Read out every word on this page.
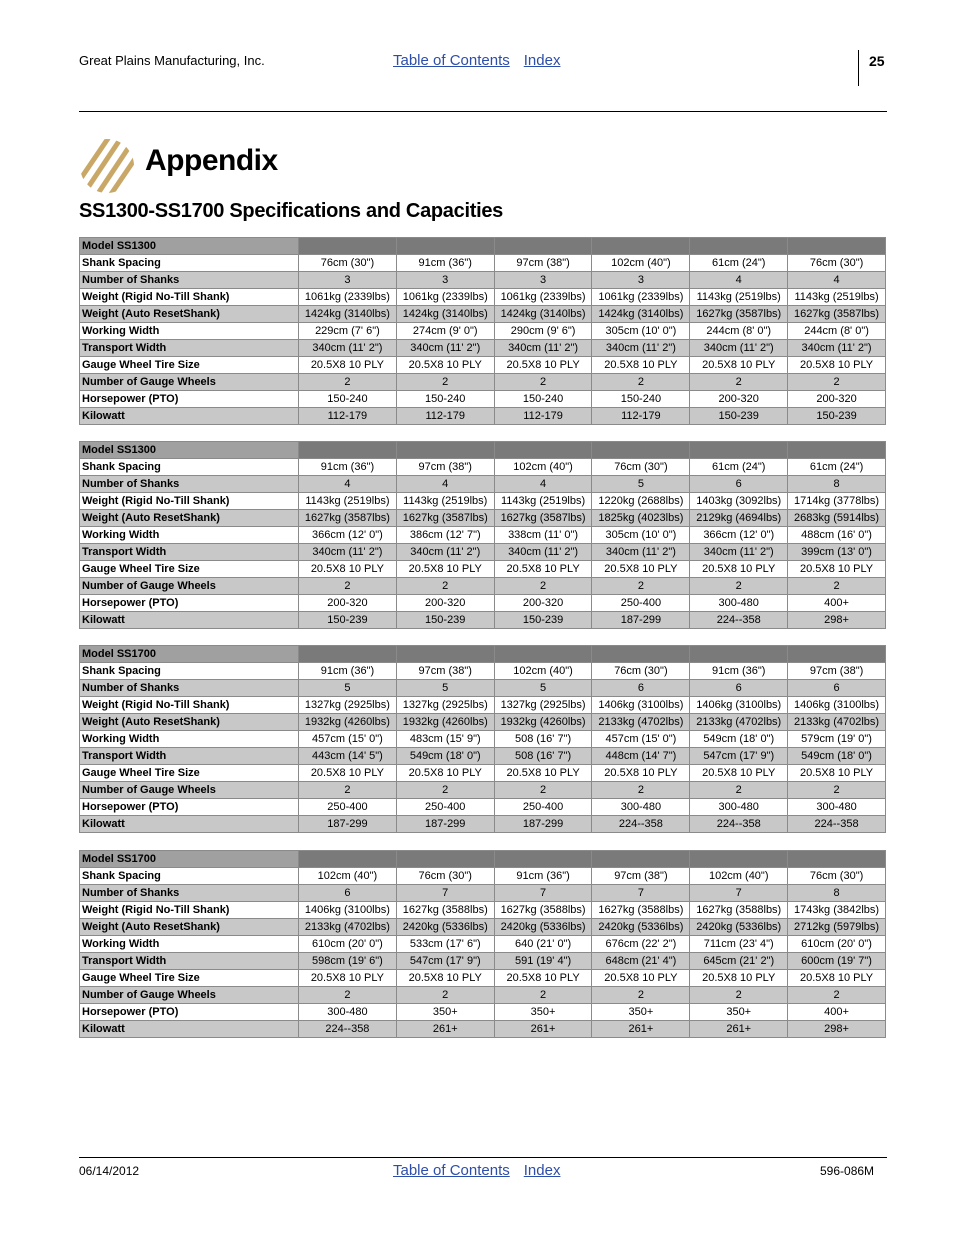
Great Plains Manufacturing, Inc.	Table of Contents Index	25
Appendix
SS1300-SS1700 Specifications and Capacities
Model SS1300						
Shank Spacing	76cm (30")	91cm (36")	97cm (38")	102cm (40")	61cm (24")	76cm (30")
Number of Shanks	3	3	3	3	4	4
Weight (Rigid No-Till Shank)	1061kg (2339lbs)	1061kg (2339lbs)	1061kg (2339lbs)	1061kg (2339lbs)	1143kg (2519lbs)	1143kg (2519lbs)
Weight (Auto ResetShank)	1424kg (3140lbs)	1424kg (3140lbs)	1424kg (3140lbs)	1424kg (3140lbs)	1627kg (3587lbs)	1627kg (3587lbs)
Working Width	229cm (7' 6")	274cm (9' 0")	290cm (9' 6")	305cm (10' 0")	244cm (8' 0")	244cm (8' 0")
Transport Width	340cm (11' 2")	340cm (11' 2")	340cm (11' 2")	340cm (11' 2")	340cm (11' 2")	340cm (11' 2")
Gauge Wheel Tire Size	20.5X8 10 PLY	20.5X8 10 PLY	20.5X8 10 PLY	20.5X8 10 PLY	20.5X8 10 PLY	20.5X8 10 PLY
Number of Gauge Wheels	2	2	2	2	2	2
Horsepower (PTO)	150-240	150-240	150-240	150-240	200-320	200-320
Kilowatt	112-179	112-179	112-179	112-179	150-239	150-239
Model SS1300						
Shank Spacing	91cm (36")	97cm (38")	102cm (40")	76cm (30")	61cm (24")	61cm (24")
Number of Shanks	4	4	4	5	6	8
Weight (Rigid No-Till Shank)	1143kg (2519lbs)	1143kg (2519lbs)	1143kg (2519lbs)	1220kg (2688lbs)	1403kg (3092lbs)	1714kg (3778lbs)
Weight (Auto ResetShank)	1627kg (3587lbs)	1627kg (3587lbs)	1627kg (3587lbs)	1825kg (4023lbs)	2129kg (4694lbs)	2683kg (5914lbs)
Working Width	366cm (12' 0")	386cm (12' 7")	338cm (11' 0")	305cm (10' 0")	366cm (12' 0")	488cm (16' 0")
Transport Width	340cm (11' 2")	340cm (11' 2")	340cm (11' 2")	340cm (11' 2")	340cm (11' 2")	399cm (13' 0")
Gauge Wheel Tire Size	20.5X8 10 PLY	20.5X8 10 PLY	20.5X8 10 PLY	20.5X8 10 PLY	20.5X8 10 PLY	20.5X8 10 PLY
Number of Gauge Wheels	2	2	2	2	2	2
Horsepower (PTO)	200-320	200-320	200-320	250-400	300-480	400+
Kilowatt	150-239	150-239	150-239	187-299	224--358	298+
Model SS1700						
Shank Spacing	91cm (36")	97cm (38")	102cm (40")	76cm (30")	91cm (36")	97cm (38")
Number of Shanks	5	5	5	6	6	6
Weight (Rigid No-Till Shank)	1327kg (2925lbs)	1327kg (2925lbs)	1327kg (2925lbs)	1406kg (3100lbs)	1406kg (3100lbs)	1406kg (3100lbs)
Weight (Auto ResetShank)	1932kg (4260lbs)	1932kg (4260lbs)	1932kg (4260lbs)	2133kg (4702lbs)	2133kg (4702lbs)	2133kg (4702lbs)
Working Width	457cm (15' 0")	483cm (15' 9")	508 (16' 7")	457cm (15' 0")	549cm (18' 0")	579cm (19' 0")
Transport Width	443cm (14' 5")	549cm (18' 0")	508 (16' 7")	448cm (14' 7")	547cm (17' 9")	549cm (18' 0")
Gauge Wheel Tire Size	20.5X8 10 PLY	20.5X8 10 PLY	20.5X8 10 PLY	20.5X8 10 PLY	20.5X8 10 PLY	20.5X8 10 PLY
Number of Gauge Wheels	2	2	2	2	2	2
Horsepower (PTO)	250-400	250-400	250-400	300-480	300-480	300-480
Kilowatt	187-299	187-299	187-299	224--358	224--358	224--358
Model SS1700						
Shank Spacing	102cm (40")	76cm (30")	91cm (36")	97cm (38")	102cm (40")	76cm (30")
Number of Shanks	6	7	7	7	7	8
Weight (Rigid No-Till Shank)	1406kg (3100lbs)	1627kg (3588lbs)	1627kg (3588lbs)	1627kg (3588lbs)	1627kg (3588lbs)	1743kg (3842lbs)
Weight (Auto ResetShank)	2133kg (4702lbs)	2420kg (5336lbs)	2420kg (5336lbs)	2420kg (5336lbs)	2420kg (5336lbs)	2712kg (5979lbs)
Working Width	610cm (20' 0")	533cm (17' 6")	640 (21' 0")	676cm (22' 2")	711cm (23' 4")	610cm (20' 0")
Transport Width	598cm (19' 6")	547cm (17' 9")	591 (19' 4")	648cm (21' 4")	645cm (21' 2")	600cm (19' 7")
Gauge Wheel Tire Size	20.5X8 10 PLY	20.5X8 10 PLY	20.5X8 10 PLY	20.5X8 10 PLY	20.5X8 10 PLY	20.5X8 10 PLY
Number of Gauge Wheels	2	2	2	2	2	2
Horsepower (PTO)	300-480	350+	350+	350+	350+	400+
Kilowatt	224--358	261+	261+	261+	261+	298+
06/14/2012	Table of Contents Index	596-086M
